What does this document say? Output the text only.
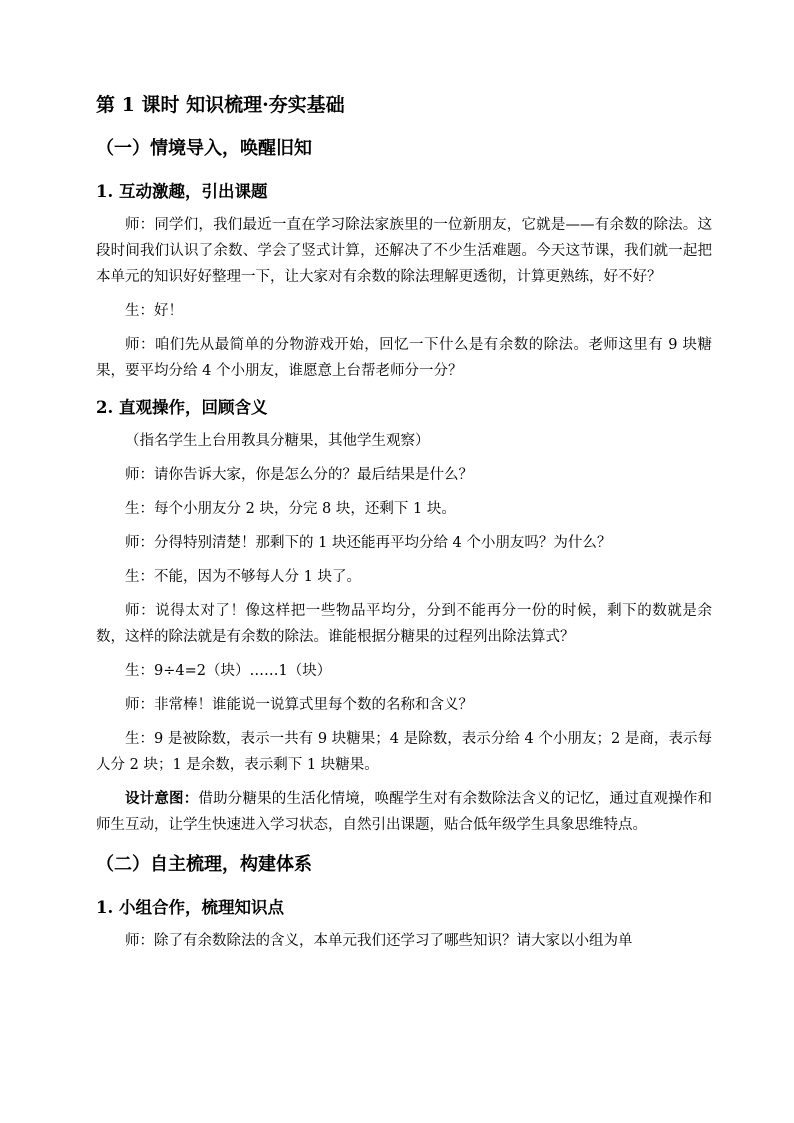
第 1 课时 知识梳理·夯实基础
（一）情境导入，唤醒旧知
1. 互动激趣，引出课题

师：同学们，我们最近一直在学习除法家族里的一位新朋友，它就是——有余数的除法。这段时间我们认识了余数、学会了竖式计算，还解决了不少生活难题。今天这节课，我们就一起把本单元的知识好好整理一下，让大家对有余数的除法理解更透彻，计算更熟练，好不好？

生：好！

师：咱们先从最简单的分物游戏开始，回忆一下什么是有余数的除法。老师这里有 9 块糖果，要平均分给 4 个小朋友，谁愿意上台帮老师分一分？

2. 直观操作，回顾含义

（指名学生上台用教具分糖果，其他学生观察）

师：请你告诉大家，你是怎么分的？最后结果是什么？

生：每个小朋友分 2 块，分完 8 块，还剩下 1 块。

师：分得特别清楚！那剩下的 1 块还能再平均分给 4 个小朋友吗？为什么？

生：不能，因为不够每人分 1 块了。

师：说得太对了！像这样把一些物品平均分，分到不能再分一份的时候，剩下的数就是余数，这样的除法就是有余数的除法。谁能根据分糖果的过程列出除法算式？

生：9÷4=2（块）……1（块）

师：非常棒！谁能说一说算式里每个数的名称和含义？

生：9 是被除数，表示一共有 9 块糖果；4 是除数，表示分给 4 个小朋友；2 是商，表示每人分 2 块；1 是余数，表示剩下 1 块糖果。

设计意图：借助分糖果的生活化情境，唤醒学生对有余数除法含义的记忆，通过直观操作和师生互动，让学生快速进入学习状态，自然引出课题，贴合低年级学生具象思维特点。

（二）自主梳理，构建体系
1. 小组合作，梳理知识点

师：除了有余数除法的含义，本单元我们还学习了哪些知识？请大家以小组为单
